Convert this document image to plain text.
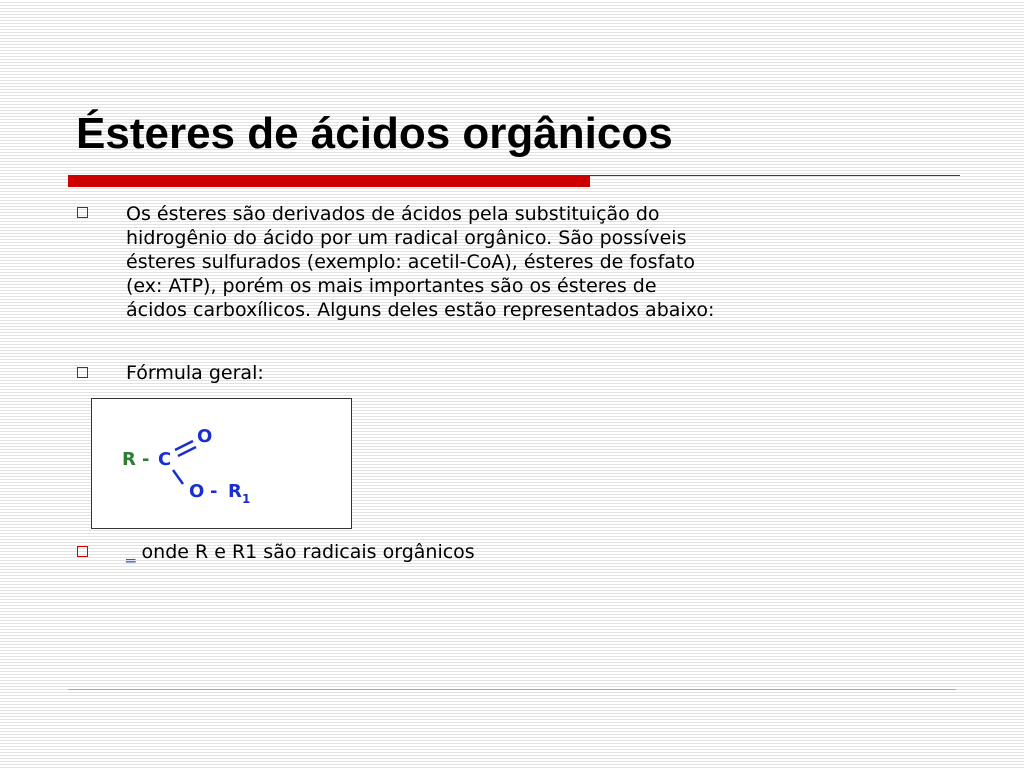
Ésteres de ácidos orgânicos
Os ésteres são derivados de ácidos pela substituição do
hidrogênio do ácido por um radical orgânico. São possíveis
ésteres sulfurados (exemplo: acetil-CoA), ésteres de fosfato
(ex: ATP), porém os mais importantes são os ésteres de
ácidos carboxílicos. Alguns deles estão representados abaixo:
Fórmula geral:
R - C
O
O - R 1
_ onde R e R1 são radicais orgânicos
